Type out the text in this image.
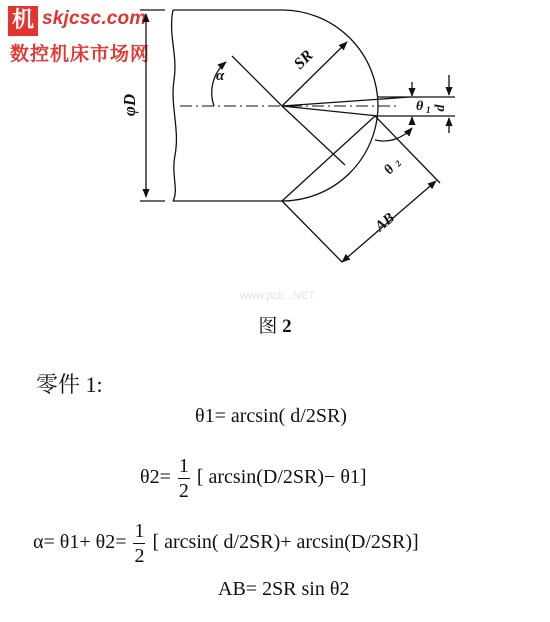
机 skjcsc.com
数控机床市场网
φD
SR
α
θ 1 d
θ
2
AB
www.pcb...NET
图 2
零件 1:
θ1= arcsin( d/2SR)
$\theta 2= \frac{1}{2}$ [ arcsin(D/2SR)− θ1]
$\alpha= \theta 1+ \theta 2= \frac{1}{2}$ [ arcsin( d/2SR)+ arcsin(D/2SR)]
AB= 2SR sin θ2
